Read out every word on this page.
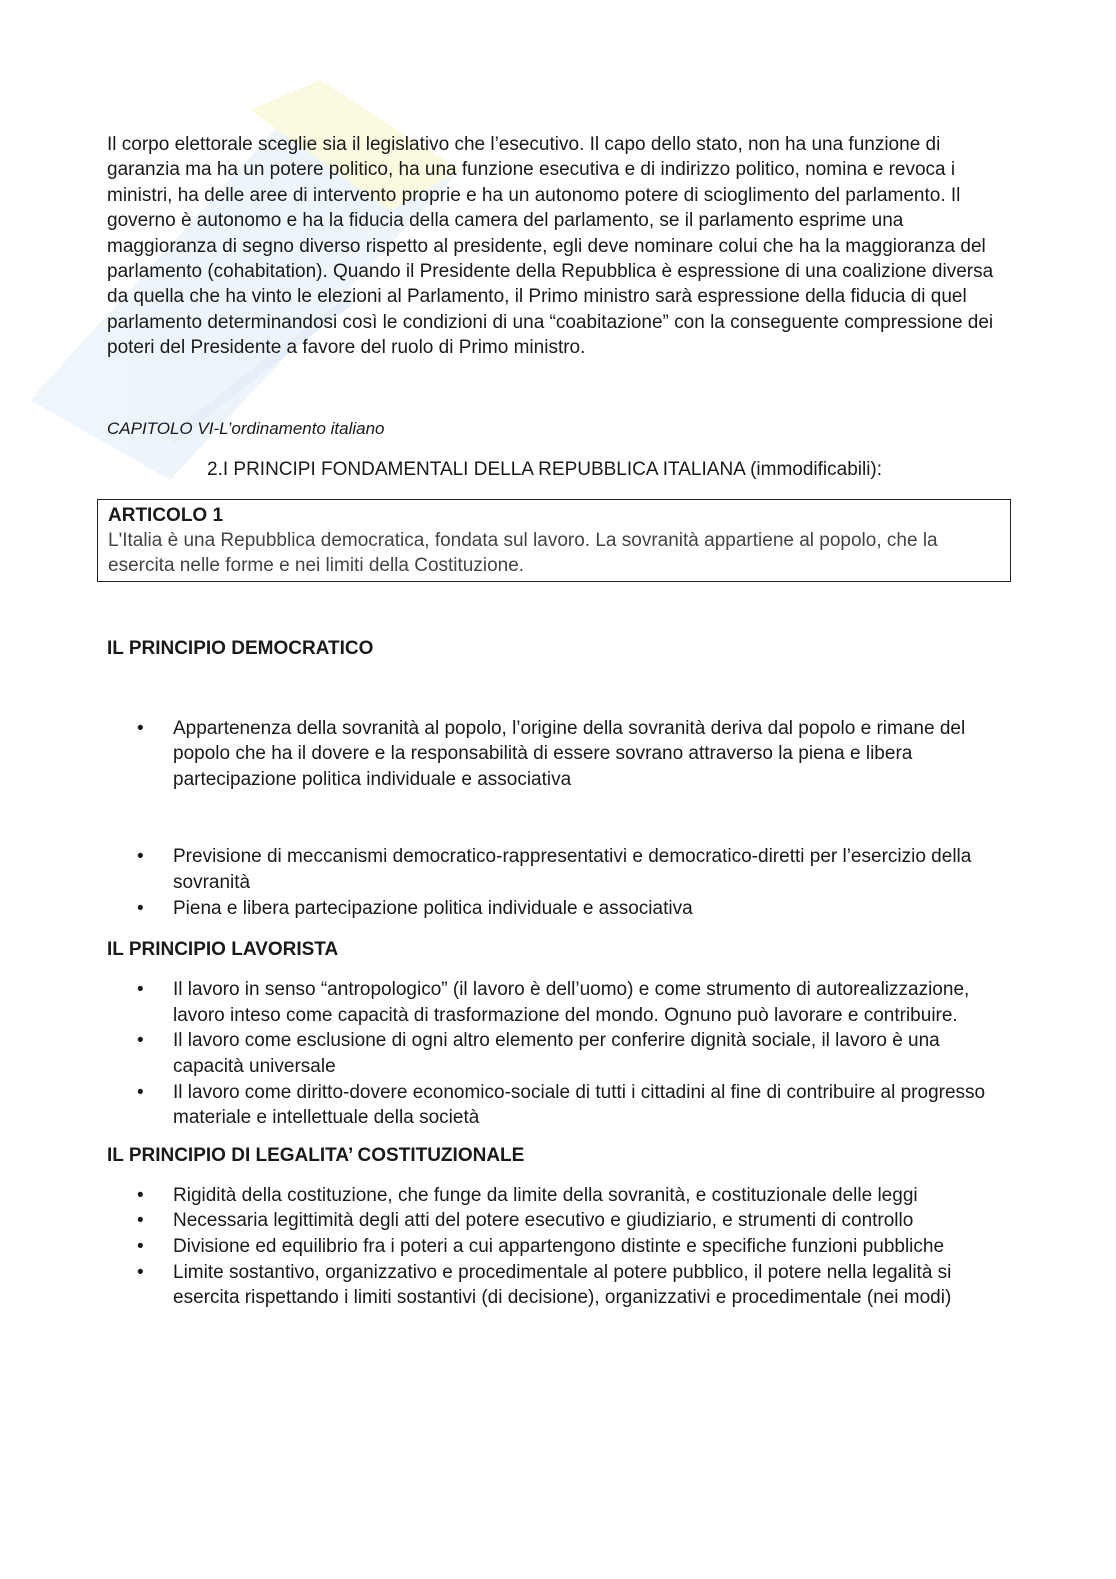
Il corpo elettorale sceglie sia il legislativo che l’esecutivo. Il capo dello stato, non ha una funzione di garanzia ma ha un potere politico, ha una funzione esecutiva e di indirizzo politico, nomina e revoca i ministri, ha delle aree di intervento proprie e ha un autonomo potere di scioglimento del parlamento. Il governo è autonomo e ha la fiducia della camera del parlamento, se il parlamento esprime una maggioranza di segno diverso rispetto al presidente, egli deve nominare colui che ha la maggioranza del parlamento (cohabitation). Quando il Presidente della Repubblica è espressione di una coalizione diversa da quella che ha vinto le elezioni al Parlamento, il Primo ministro sarà espressione della fiducia di quel parlamento determinandosi così le condizioni di una “coabitazione” con la conseguente compressione dei poteri del Presidente a favore del ruolo di Primo ministro.

CAPITOLO VI-L’ordinamento italiano

2.I PRINCIPI FONDAMENTALI DELLA REPUBBLICA ITALIANA (immodificabili):

ARTICOLO 1

L'Italia è una Repubblica democratica, fondata sul lavoro. La sovranità appartiene al popolo, che la esercita nelle forme e nei limiti della Costituzione.

IL PRINCIPIO DEMOCRATICO
• Appartenenza della sovranità al popolo, l’origine della sovranità deriva dal popolo e rimane del popolo che ha il dovere e la responsabilità di essere sovrano attraverso la piena e libera partecipazione politica individuale e associativa
• Previsione di meccanismi democratico-rappresentativi e democratico-diretti per l’esercizio della sovranità
• Piena e libera partecipazione politica individuale e associativa
IL PRINCIPIO LAVORISTA
• Il lavoro in senso “antropologico” (il lavoro è dell’uomo) e come strumento di autorealizzazione, lavoro inteso come capacità di trasformazione del mondo. Ognuno può lavorare e contribuire.
• Il lavoro come esclusione di ogni altro elemento per conferire dignità sociale, il lavoro è una capacità universale
• Il lavoro come diritto-dovere economico-sociale di tutti i cittadini al fine di contribuire al progresso materiale e intellettuale della società
IL PRINCIPIO DI LEGALITA’ COSTITUZIONALE
• Rigidità della costituzione, che funge da limite della sovranità, e costituzionale delle leggi
• Necessaria legittimità degli atti del potere esecutivo e giudiziario, e strumenti di controllo
• Divisione ed equilibrio fra i poteri a cui appartengono distinte e specifiche funzioni pubbliche
• Limite sostantivo, organizzativo e procedimentale al potere pubblico, il potere nella legalità si esercita rispettando i limiti sostantivi (di decisione), organizzativi e procedimentale (nei modi)
